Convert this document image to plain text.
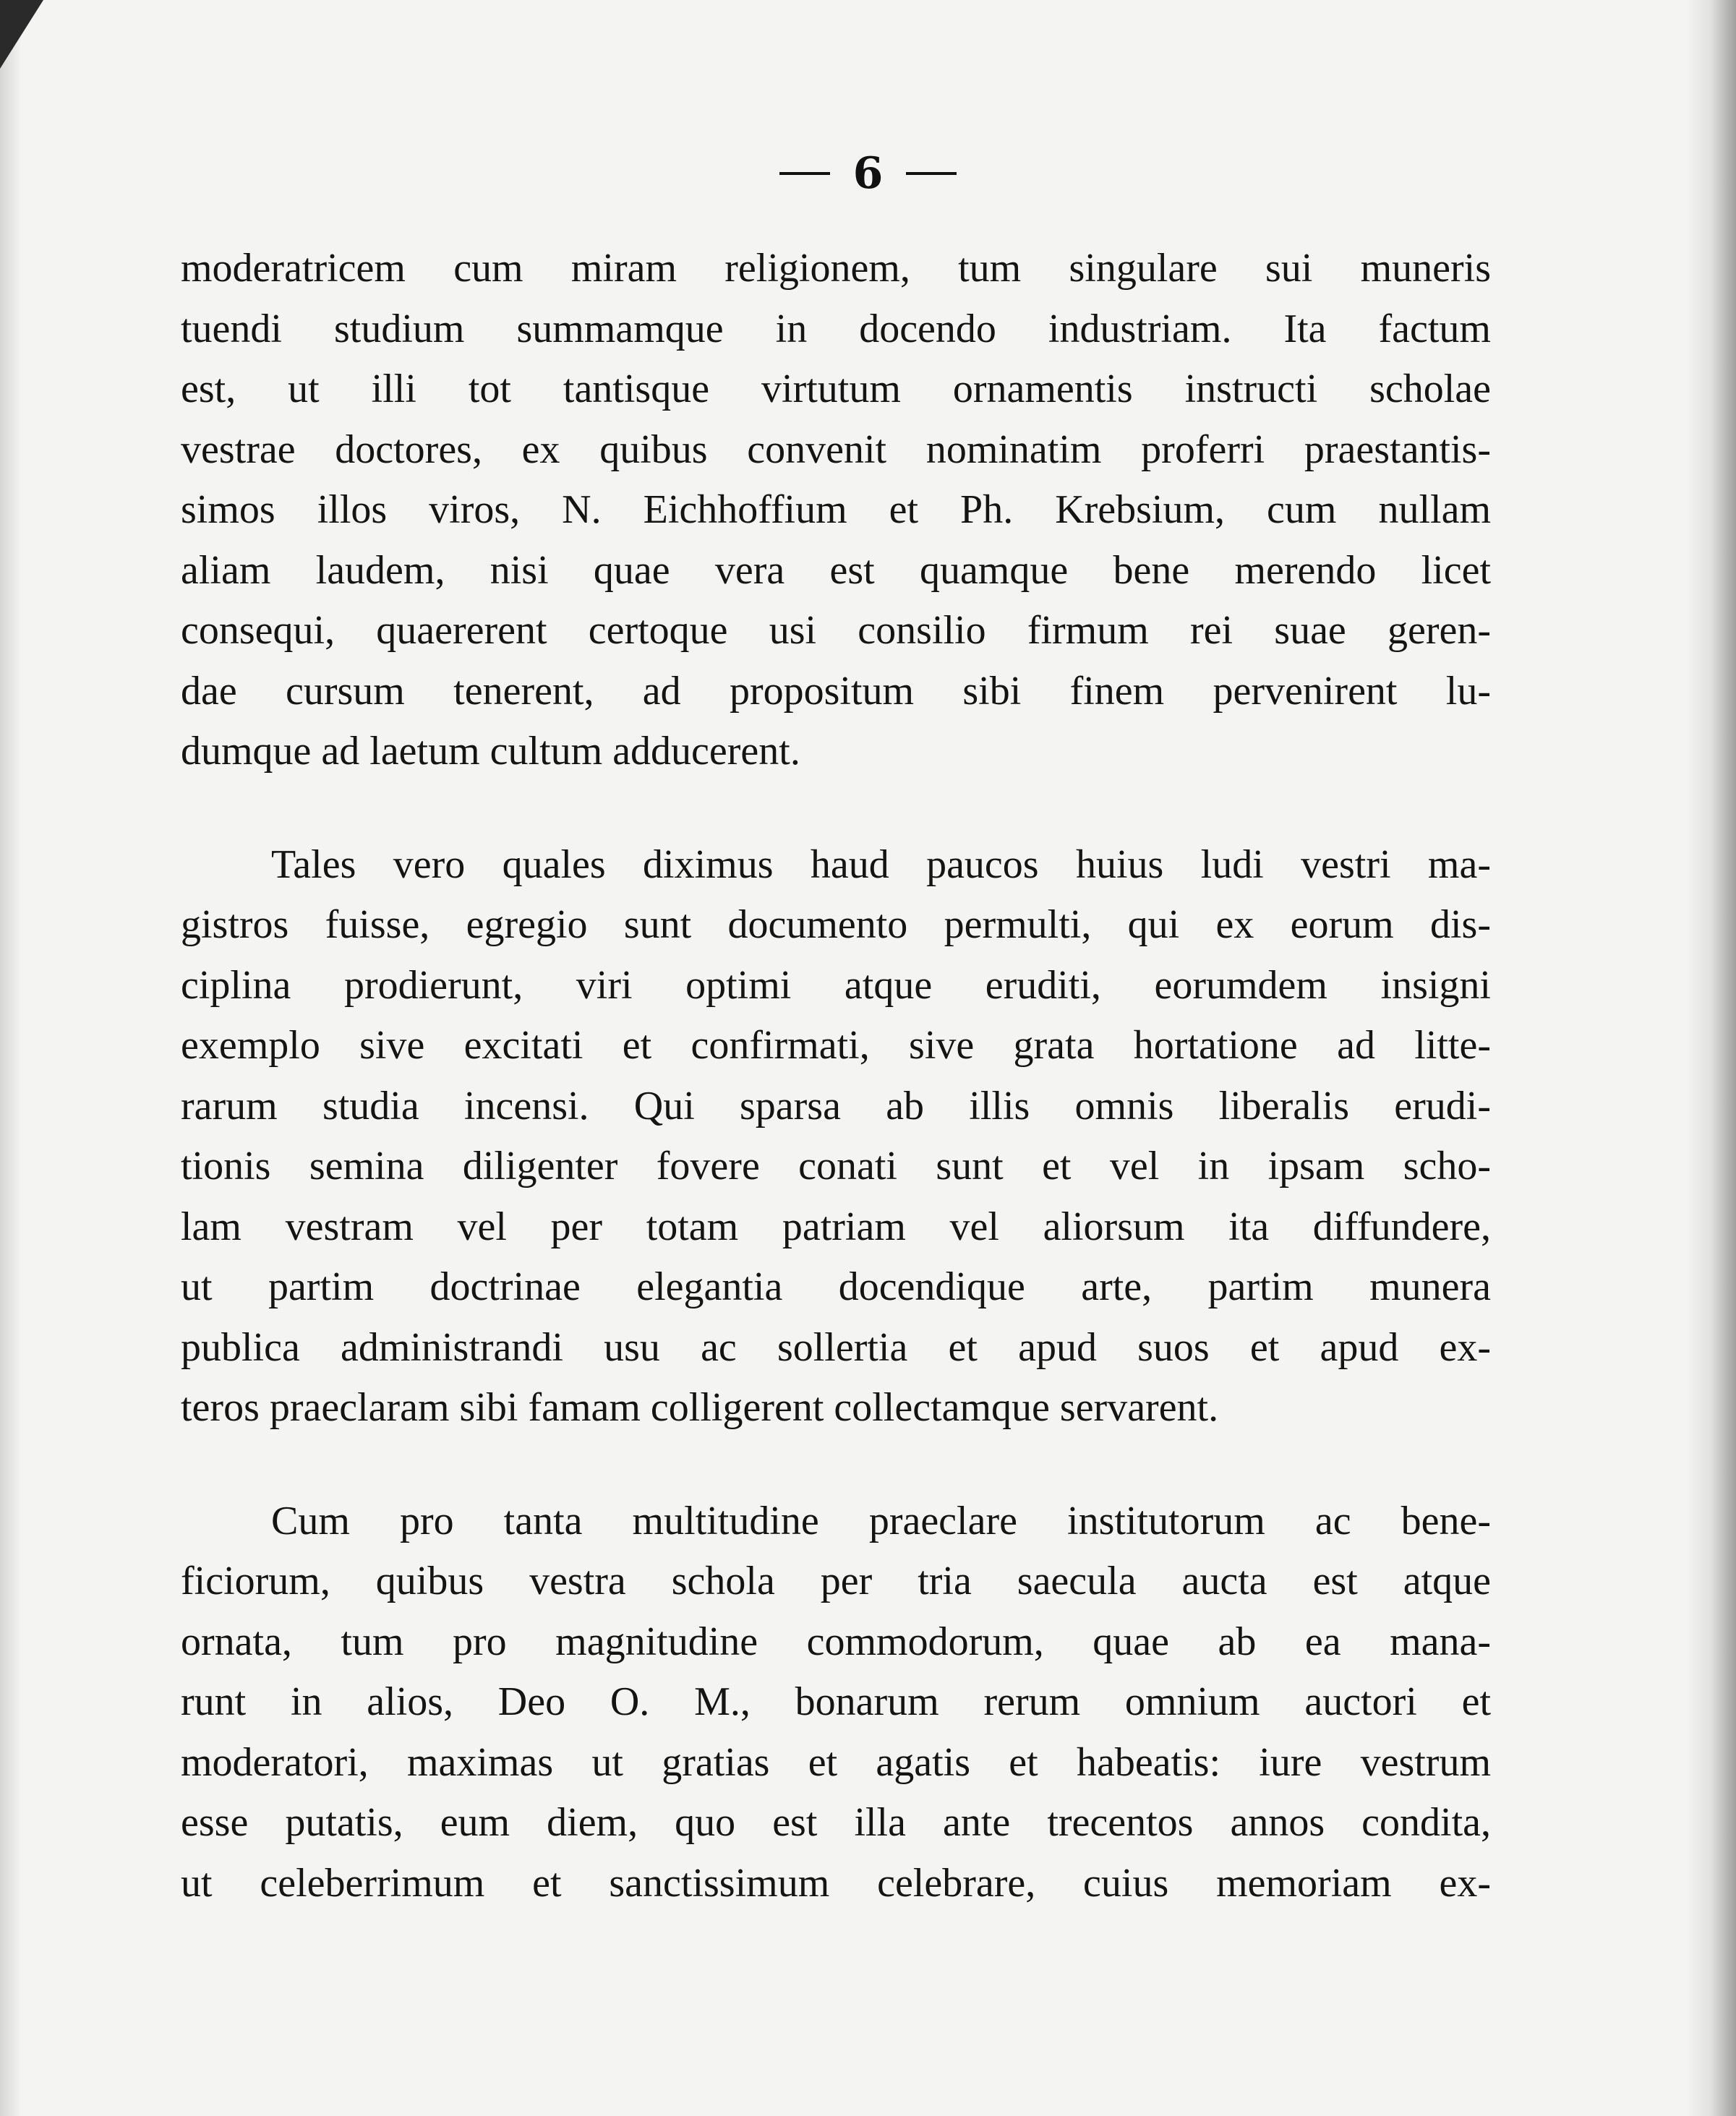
6
moderatricem cum miram religionem, tum singulare sui muneris
tuendi studium summamque in docendo industriam. Ita factum
est, ut illi tot tantisque virtutum ornamentis instructi scholae
vestrae doctores, ex quibus convenit nominatim proferri praestantis-
simos illos viros, N. Eichhoffium et Ph. Krebsium, cum nullam
aliam laudem, nisi quae vera est quamque bene merendo licet
consequi, quaererent certoque usi consilio firmum rei suae geren-
dae cursum tenerent, ad propositum sibi finem pervenirent lu-
dumque ad laetum cultum adducerent.
Tales vero quales diximus haud paucos huius ludi vestri ma-
gistros fuisse, egregio sunt documento permulti, qui ex eorum dis-
ciplina prodierunt, viri optimi atque eruditi, eorumdem insigni
exemplo sive excitati et confirmati, sive grata hortatione ad litte-
rarum studia incensi. Qui sparsa ab illis omnis liberalis erudi-
tionis semina diligenter fovere conati sunt et vel in ipsam scho-
lam vestram vel per totam patriam vel aliorsum ita diffundere,
ut partim doctrinae elegantia docendique arte, partim munera
publica administrandi usu ac sollertia et apud suos et apud ex-
teros praeclaram sibi famam colligerent collectamque servarent.
Cum pro tanta multitudine praeclare institutorum ac bene-
ficiorum, quibus vestra schola per tria saecula aucta est atque
ornata, tum pro magnitudine commodorum, quae ab ea mana-
runt in alios, Deo O. M., bonarum rerum omnium auctori et
moderatori, maximas ut gratias et agatis et habeatis: iure vestrum
esse putatis, eum diem, quo est illa ante trecentos annos condita,
ut celeberrimum et sanctissimum celebrare, cuius memoriam ex-
